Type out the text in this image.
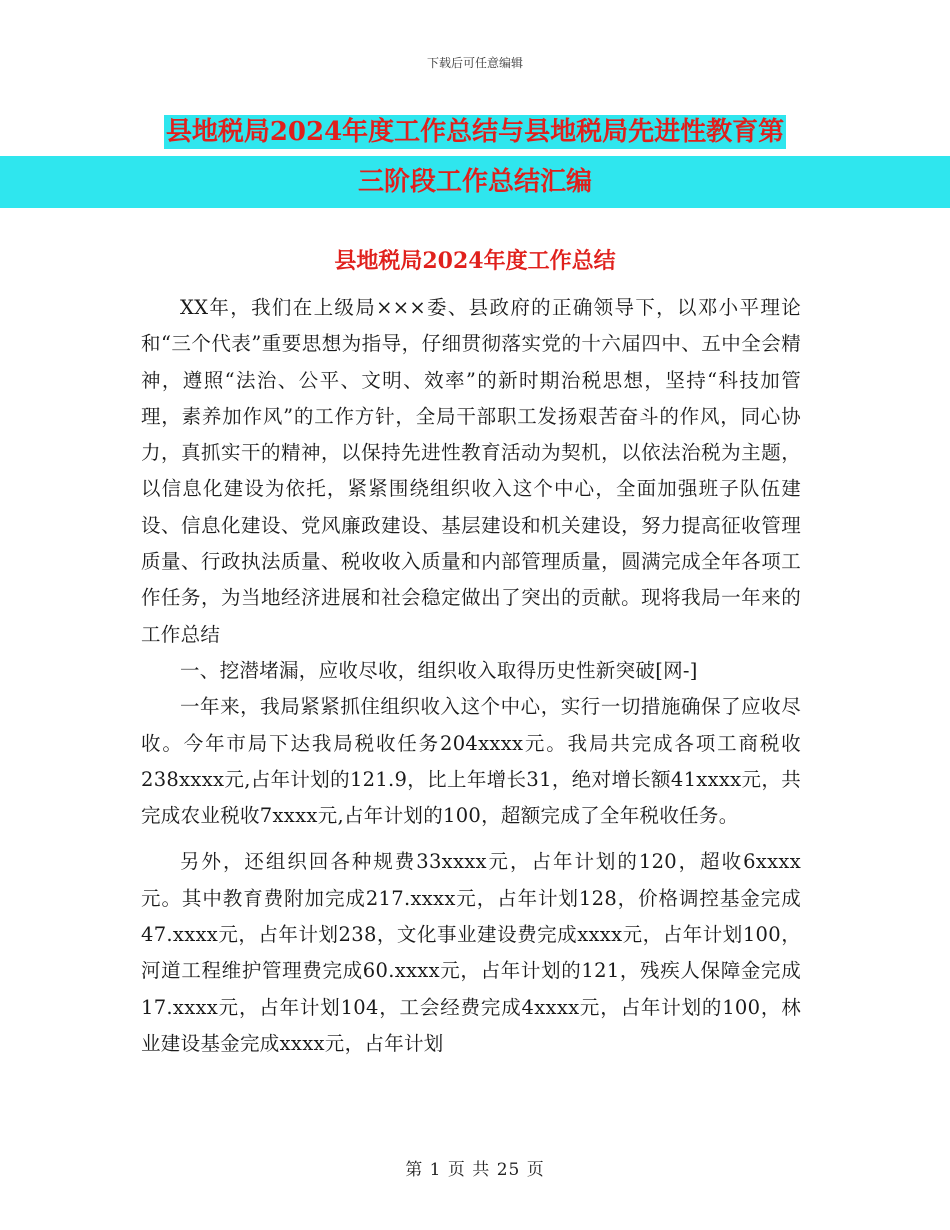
下载后可任意编辑
县地税局2024年度工作总结与县地税局先进性教育第
三阶段工作总结汇编
县地税局2024年度工作总结

XX年，我们在上级局×××委、县政府的正确领导下，以邓小平理论和“三个代表”重要思想为指导，仔细贯彻落实党的十六届四中、五中全会精神，遵照“法治、公平、文明、效率”的新时期治税思想，坚持“科技加管理，素养加作风”的工作方针，全局干部职工发扬艰苦奋斗的作风，同心协力，真抓实干的精神，以保持先进性教育活动为契机，以依法治税为主题，以信息化建设为依托，紧紧围绕组织收入这个中心，全面加强班子队伍建设、信息化建设、党风廉政建设、基层建设和机关建设，努力提高征收管理质量、行政执法质量、税收收入质量和内部管理质量，圆满完成全年各项工作任务，为当地经济进展和社会稳定做出了突出的贡献。现将我局一年来的工作总结

一、挖潜堵漏，应收尽收，组织收入取得历史性新突破[网-]

一年来，我局紧紧抓住组织收入这个中心，实行一切措施确保了应收尽收。今年市局下达我局税收任务204xxxx元。我局共完成各项工商税收238xxxx元,占年计划的121.9，比上年增长31，绝对增长额41xxxx元，共完成农业税收7xxxx元,占年计划的100，超额完成了全年税收任务。

另外，还组织回各种规费33xxxx元，占年计划的120，超收6xxxx元。其中教育费附加完成217.xxxx元，占年计划128，价格调控基金完成47.xxxx元，占年计划238，文化事业建设费完成xxxx元，占年计划100，河道工程维护管理费完成60.xxxx元，占年计划的121，残疾人保障金完成17.xxxx元，占年计划104，工会经费完成4xxxx元，占年计划的100，林业建设基金完成xxxx元，占年计划

第 1 页 共 25 页
